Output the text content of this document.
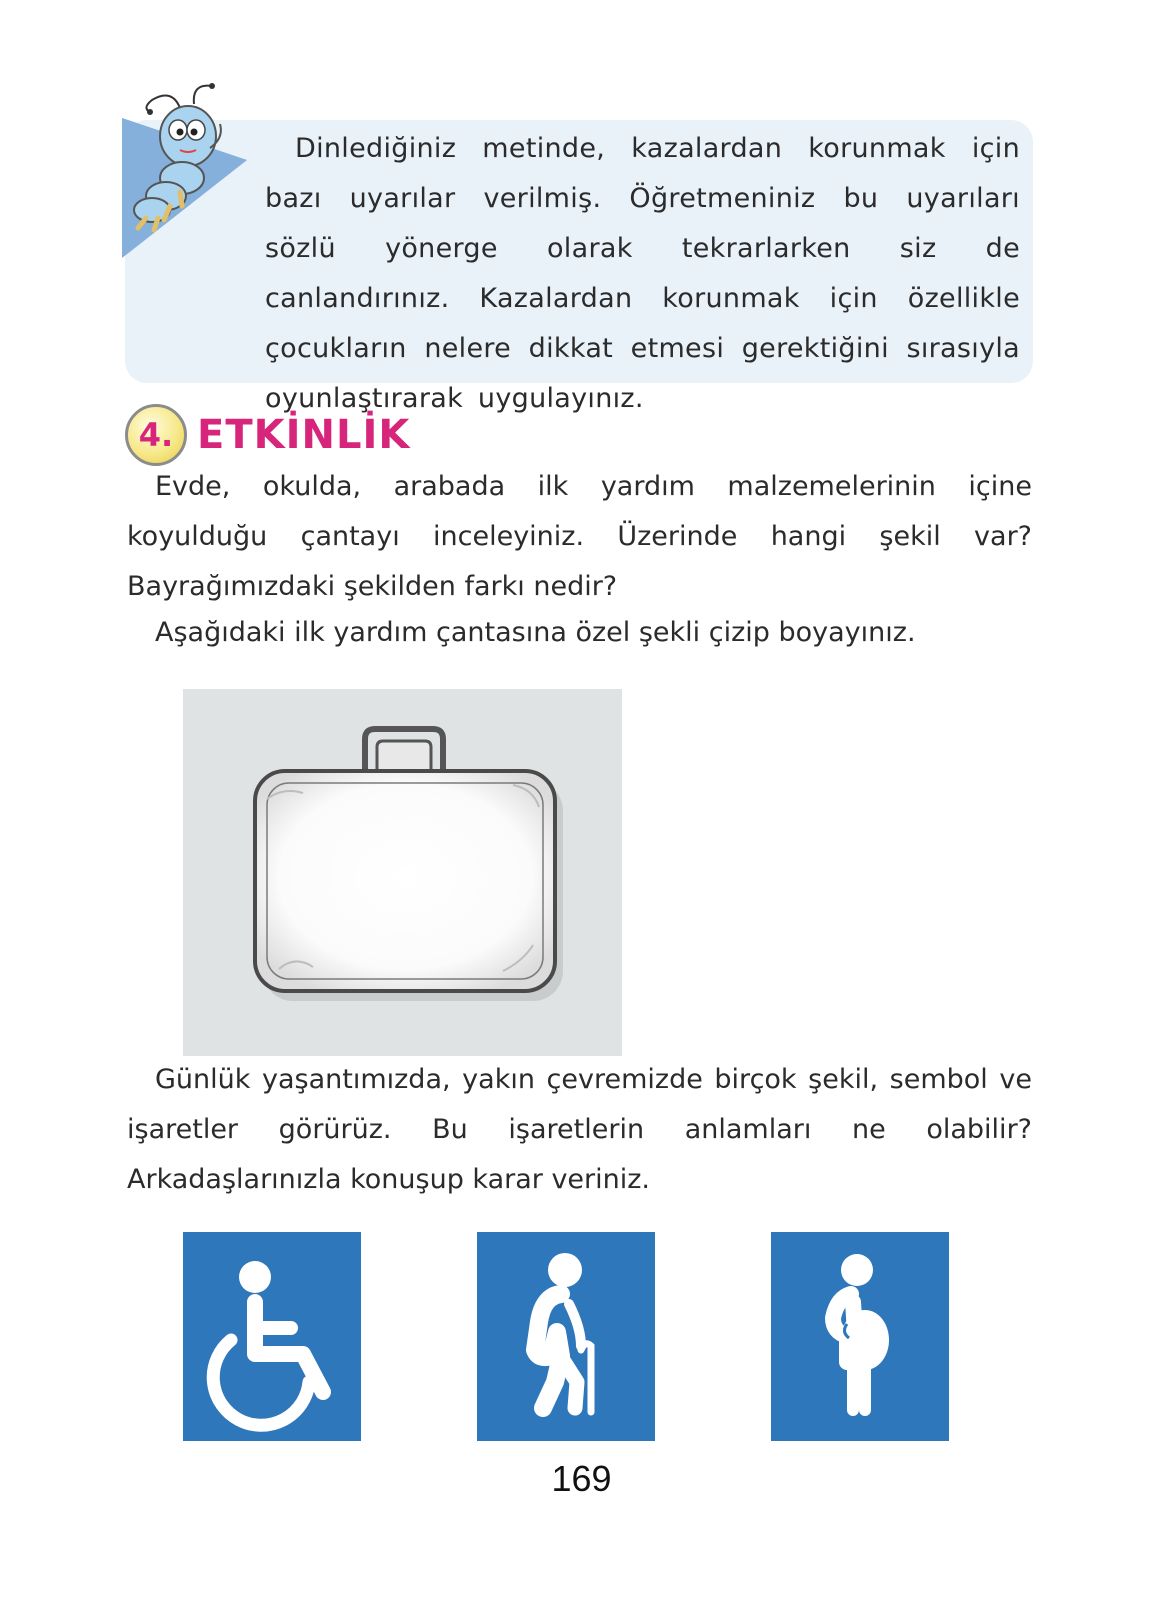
Dinlediğiniz metinde, kazalardan korunmak için bazı uyarılar verilmiş. Öğretmeniniz bu uyarıları sözlü yönerge olarak tekrarlarken siz de canlandırınız. Kazalardan korunmak için özellikle çocukların nelere dikkat etmesi gerektiğini sırasıyla oyunlaştırarak uygulayınız.
4. ETKİNLİK
Evde, okulda, arabada ilk yardım malzemelerinin içine koyulduğu çantayı inceleyiniz. Üzerinde hangi şekil var? Bayrağımızdaki şekilden farkı nedir?
Aşağıdaki ilk yardım çantasına özel şekli çizip boyayınız.
Günlük yaşantımızda, yakın çevremizde birçok şekil, sembol ve işaretler görürüz. Bu işaretlerin anlamları ne olabilir? Arkadaşlarınızla konuşup karar veriniz.
169
